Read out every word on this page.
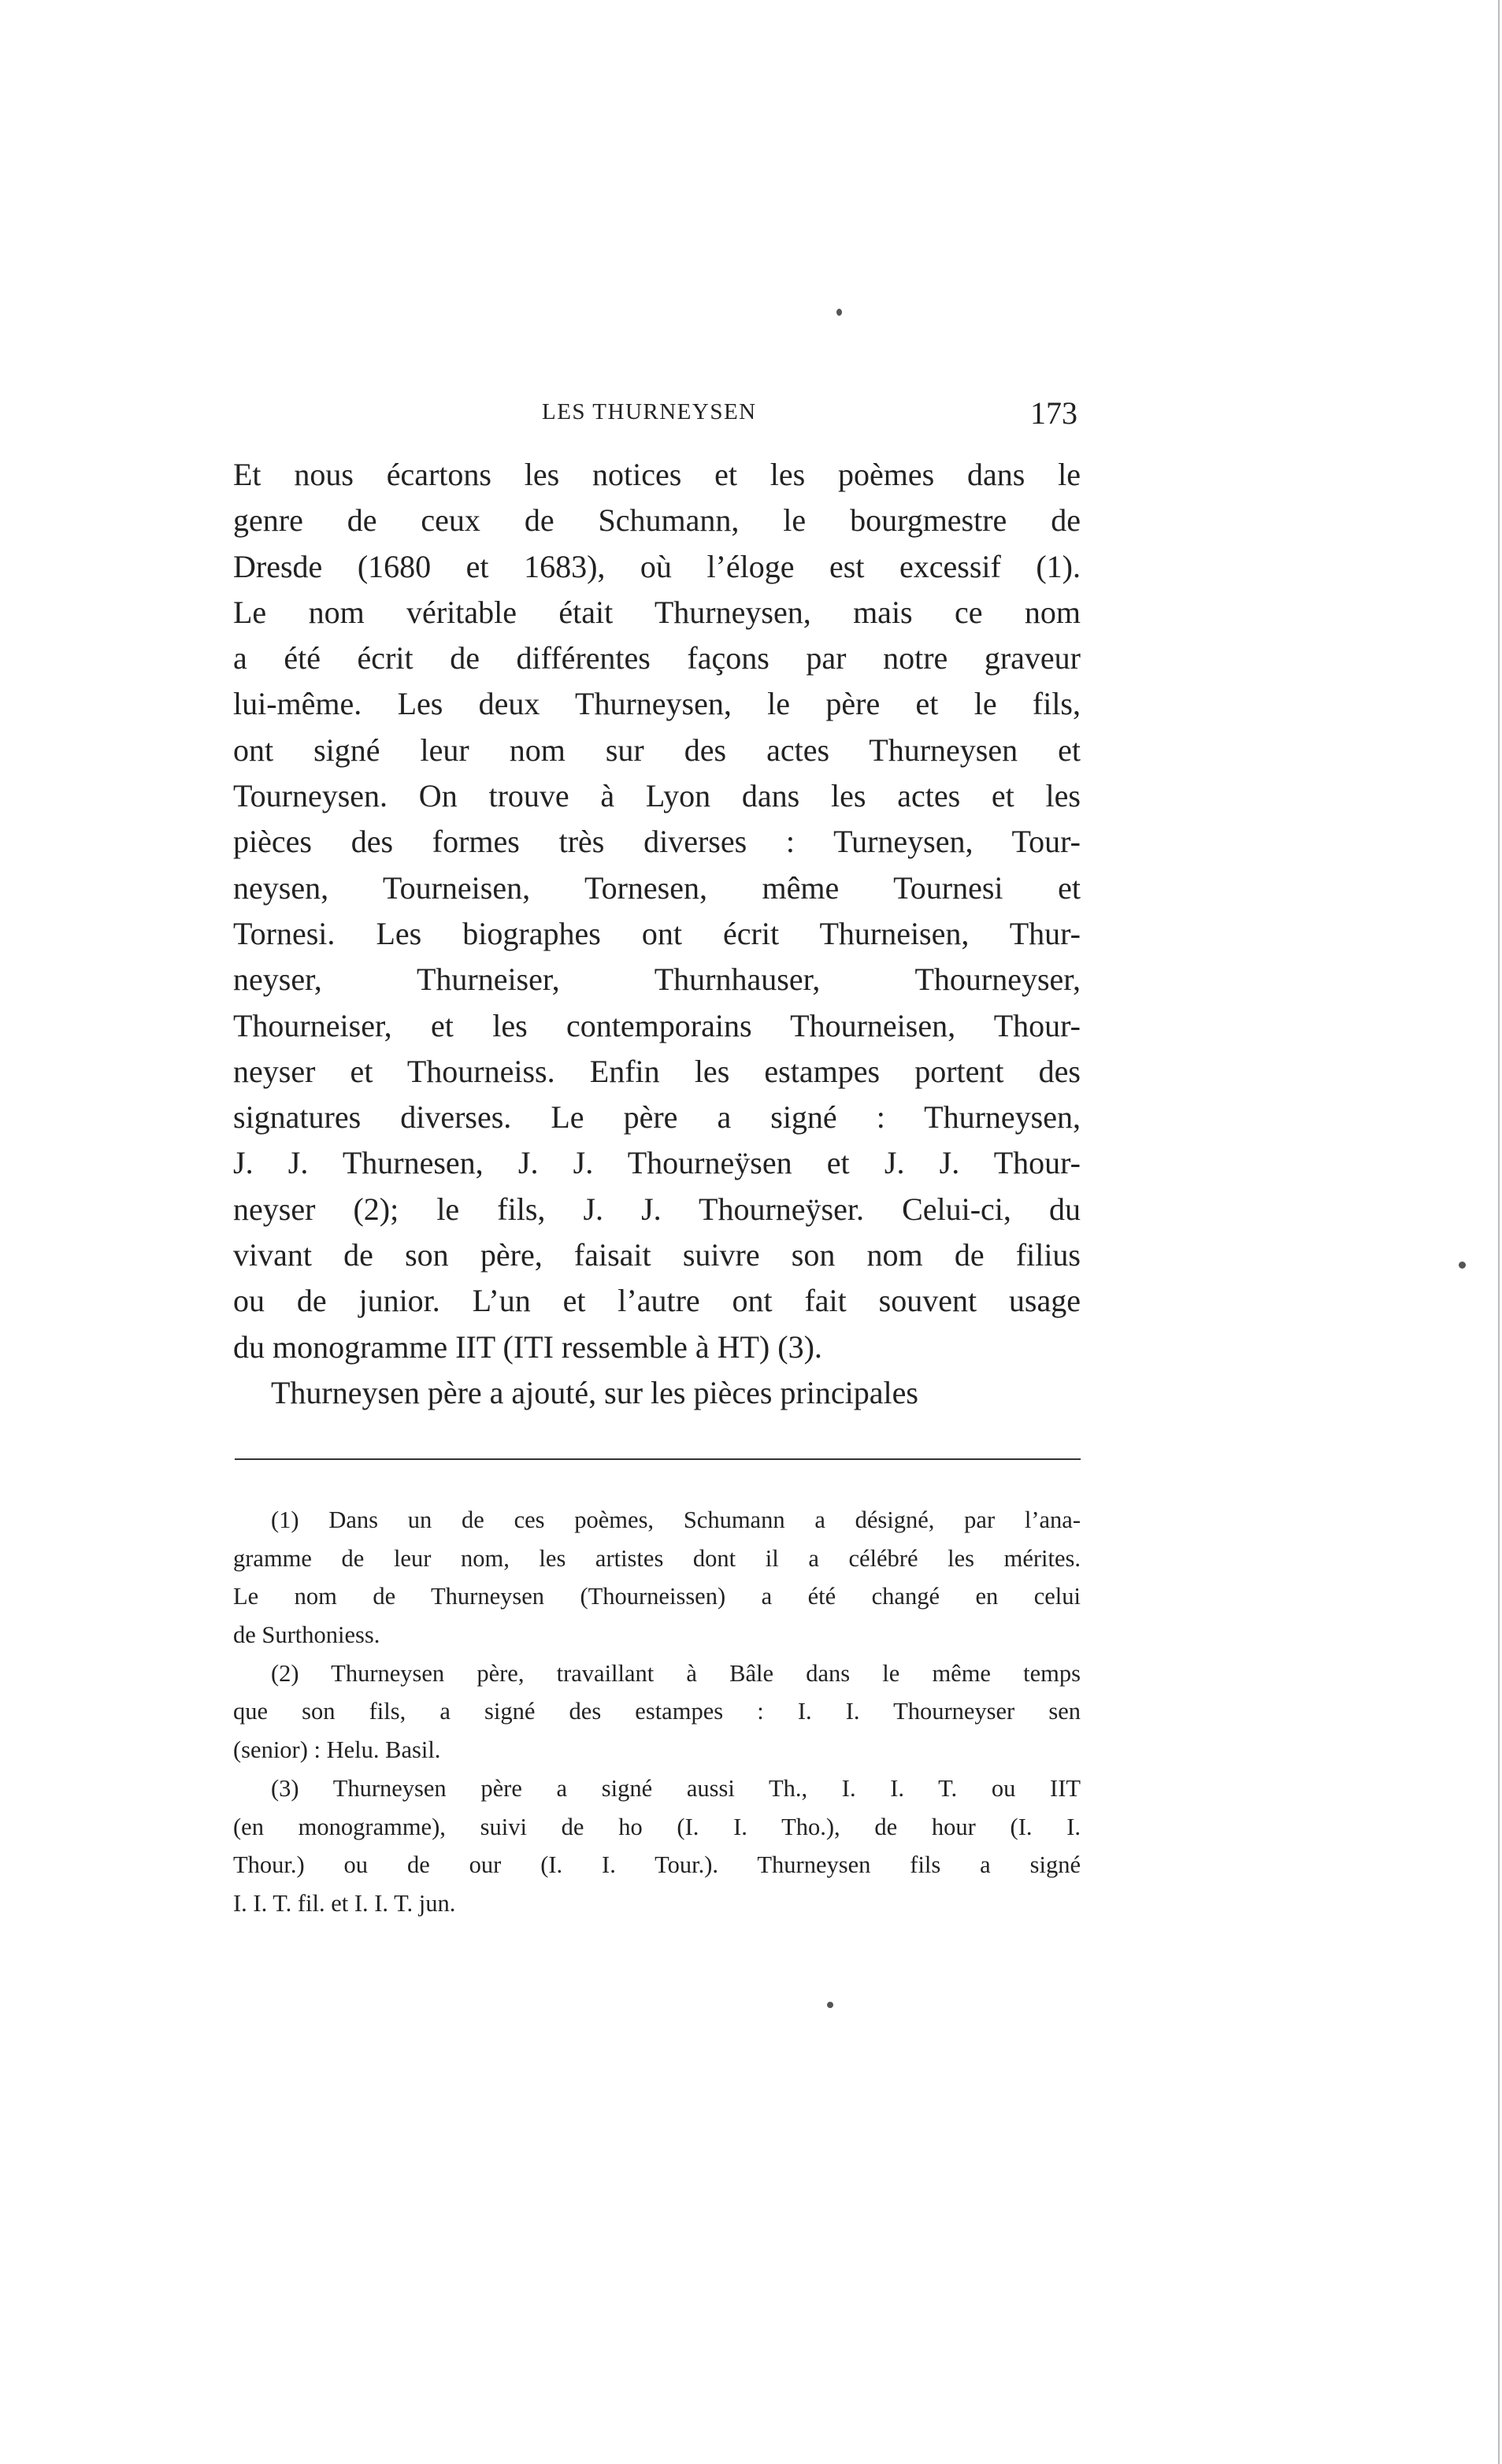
LES THURNEYSEN	173
Et nous écartons les notices et les poèmes dans le
genre de ceux de Schumann, le bourgmestre de
Dresde (1680 et 1683), où l’éloge est excessif (1).
Le nom véritable était Thurneysen, mais ce nom
a été écrit de différentes façons par notre graveur
lui-même. Les deux Thurneysen, le père et le fils,
ont signé leur nom sur des actes Thurneysen et
Tourneysen. On trouve à Lyon dans les actes et les
pièces des formes très diverses : Turneysen, Tour-
neysen, Tourneisen, Tornesen, même Tournesi et
Tornesi. Les biographes ont écrit Thurneisen, Thur-
neyser, Thurneiser, Thurnhauser, Thourneyser,
Thourneiser, et les contemporains Thourneisen, Thour-
neyser et Thourneiss. Enfin les estampes portent des
signatures diverses. Le père a signé : Thurneysen,
J. J. Thurnesen, J. J. Thourneÿsen et J. J. Thour-
neyser (2); le fils, J. J. Thourneÿser. Celui-ci, du
vivant de son père, faisait suivre son nom de filius
ou de junior. L’un et l’autre ont fait souvent usage
du monogramme IIT (ITI ressemble à HT) (3).
Thurneysen père a ajouté, sur les pièces principales
(1) Dans un de ces poèmes, Schumann a désigné, par l’ana-
gramme de leur nom, les artistes dont il a célébré les mérites.
Le nom de Thurneysen (Thourneissen) a été changé en celui
de Surthoniess.
(2) Thurneysen père, travaillant à Bâle dans le même temps
que son fils, a signé des estampes : I. I. Thourneyser sen
(senior) : Helu. Basil.
(3) Thurneysen père a signé aussi Th., I. I. T. ou IIT
(en monogramme), suivi de ho (I. I. Tho.), de hour (I. I.
Thour.) ou de our (I. I. Tour.). Thurneysen fils a signé
I. I. T. fil. et I. I. T. jun.
